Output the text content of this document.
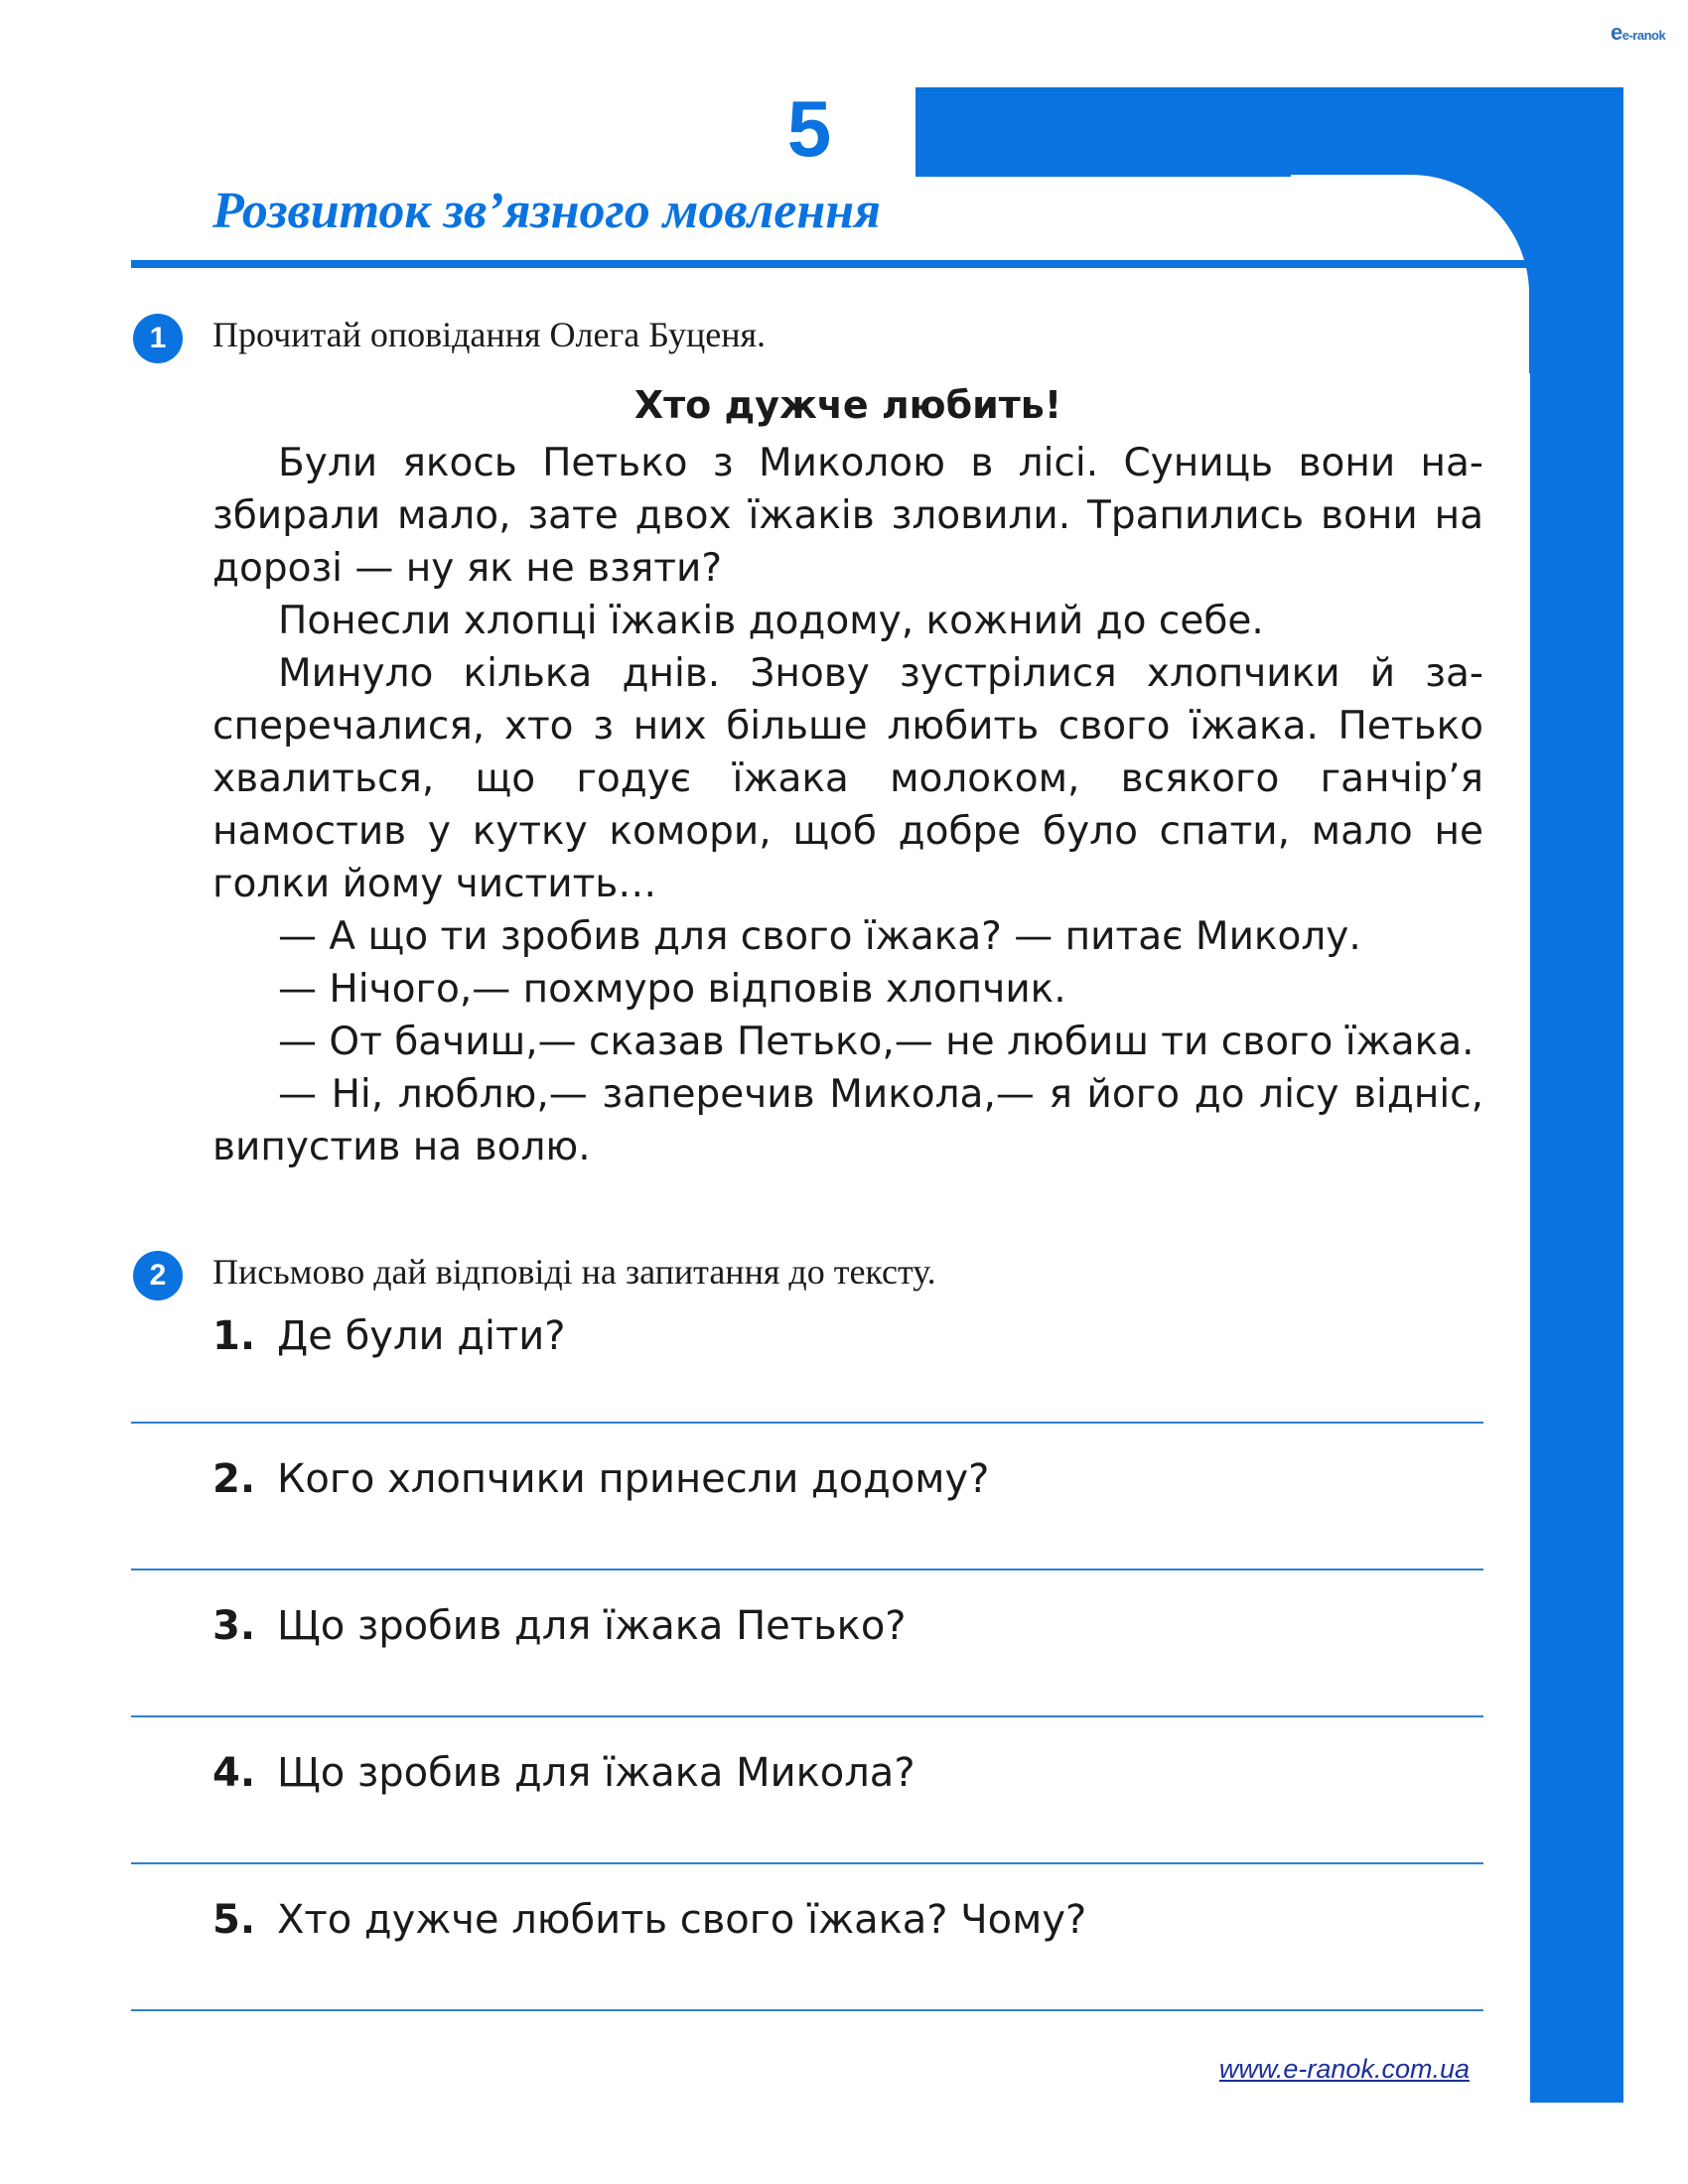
ee-ranok
5
Розвиток зв’язного мовлення
1	Прочитай оповідання Олега Буценя.
Хто дужче любить!

Були якось Петько з Миколою в лісі. Суниць вони назбирали мало, зате двох їжаків зловили. Трапились вони на дорозі — ну як не взяти?

Понесли хлопці їжаків додому, кожний до себе.

Минуло кілька днів. Знову зустрілися хлопчики й засперечалися, хто з них більше любить свого їжака. Петько хвалиться, що годує їжака молоком, всякого ганчір’я намостив у кутку комори, щоб добре було спати, мало не голки йому чистить…

— А що ти зробив для свого їжака? — питає Миколу.

— Нічого,— похмуро відповів хлопчик.

— От бачиш,— сказав Петько,— не любиш ти свого їжака.

— Ні, люблю,— заперечив Микола,— я його до лісу відніс, випустив на волю.

2	Письмово дай відповіді на запитання до тексту.
1. Де були діти?
2. Кого хлопчики принесли додому?
3. Що зробив для їжака Петько?
4. Що зробив для їжака Микола?
5. Хто дужче любить свого їжака? Чому?
www.e-ranok.com.ua
